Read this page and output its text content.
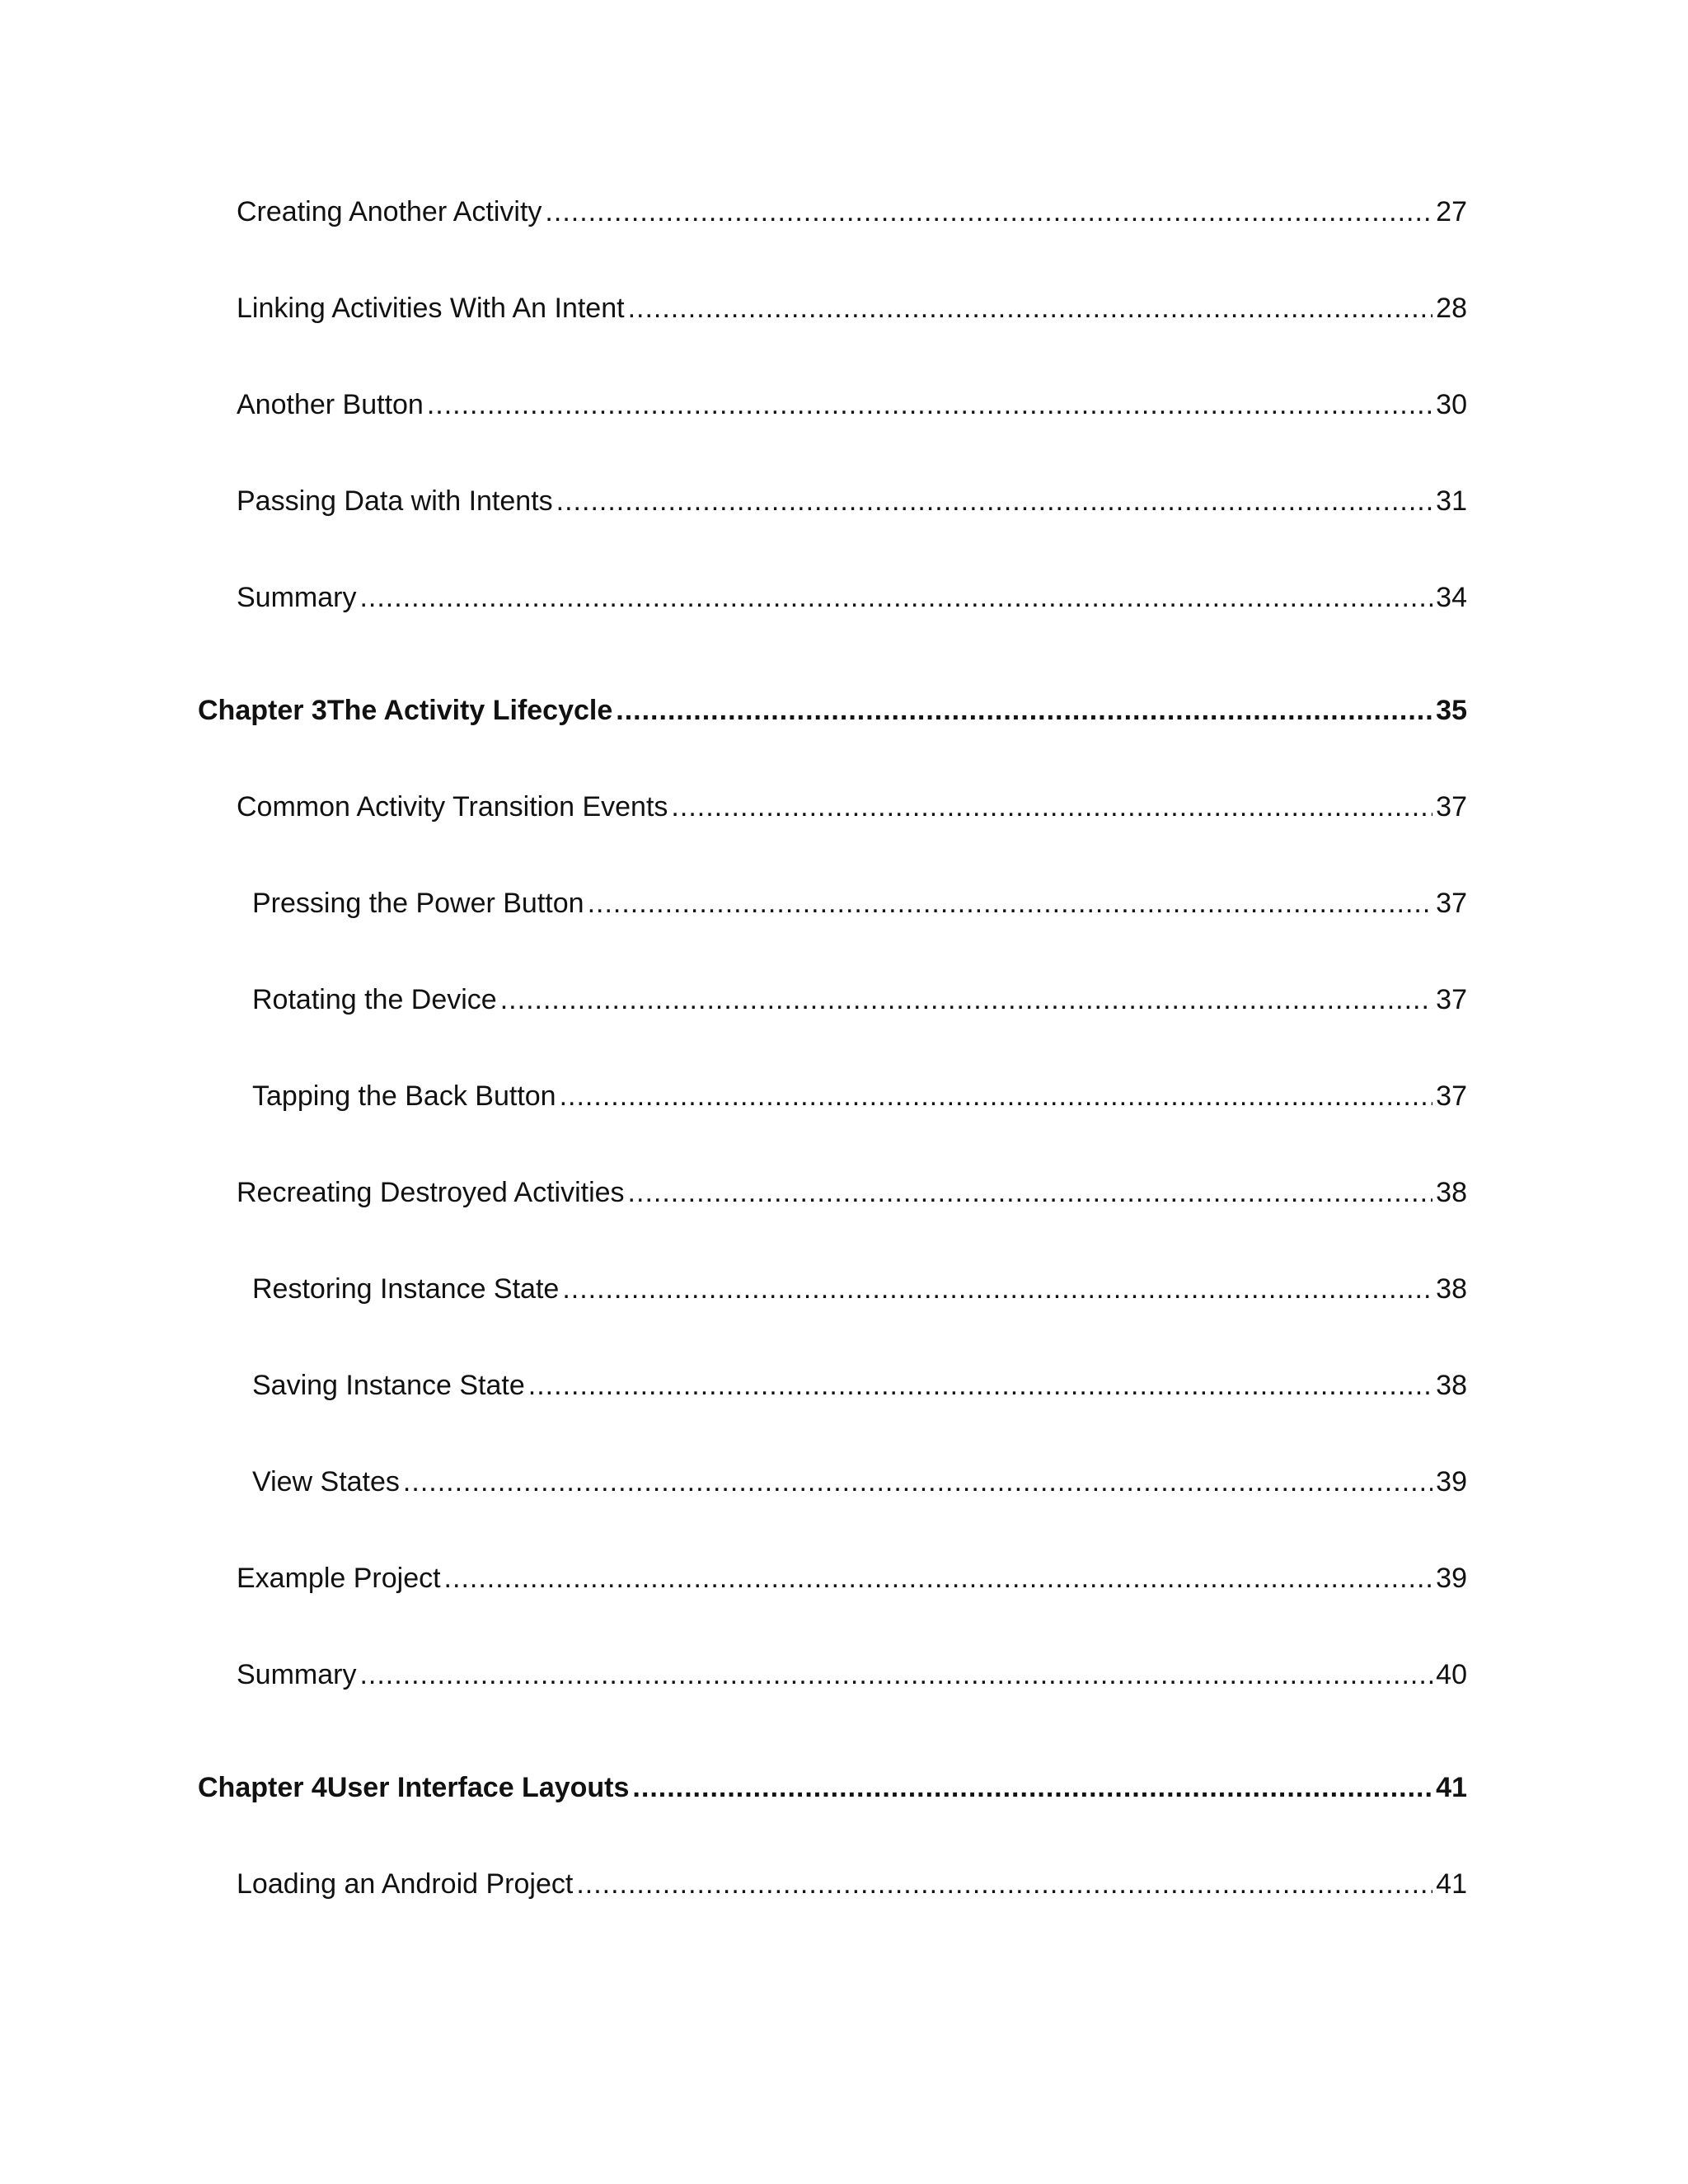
Creating Another Activity .....	27
Linking Activities With An Intent .....	28
Another Button .....	30
Passing Data with Intents .....	31
Summary .....	34
Chapter 3 The Activity Lifecycle .....	35
Common Activity Transition Events .....	37
Pressing the Power Button .....	37
Rotating the Device .....	37
Tapping the Back Button .....	37
Recreating Destroyed Activities .....	38
Restoring Instance State .....	38
Saving Instance State .....	38
View States .....	39
Example Project .....	39
Summary .....	40
Chapter 4 User Interface Layouts .....	41
Loading an Android Project .....	41
